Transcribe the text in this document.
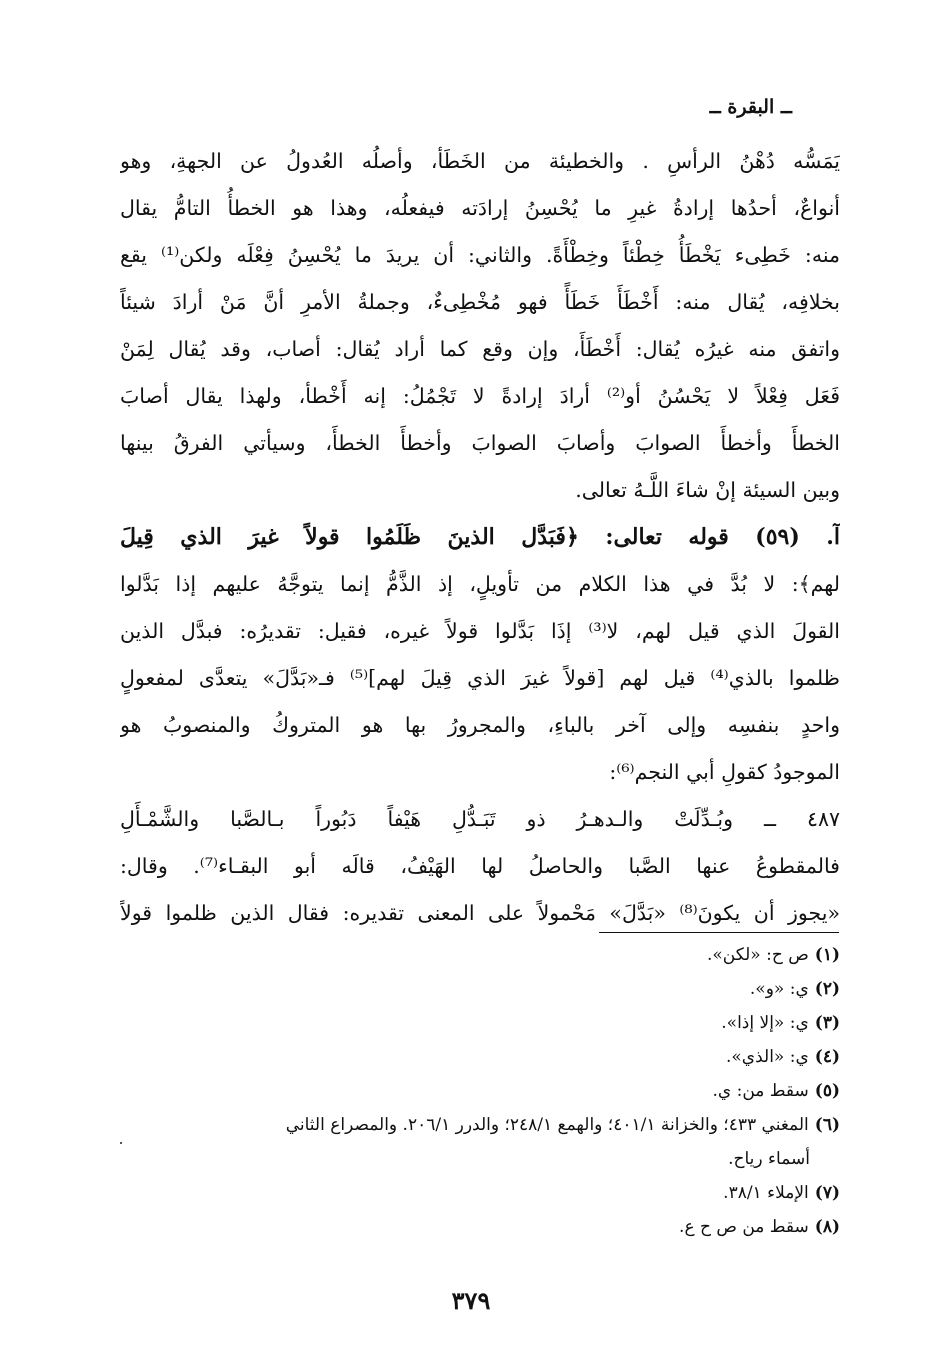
ــ البقرة ــ
يَمَسُّه دُهْنُ الرأسِ . والخطيئة من الخَطَأ، وأصلُه العُدولُ عن الجهةِ، وهو
أنواعٌ، أحدُها إرادةُ غيرِ ما يُحْسِنُ إرادَته فيفعلُه، وهذا هو الخطأُ التامُّ يقال
منه: خَطِىء يَخْطَأُ خِطْئاً وخِطْأَةً. والثاني: أن يريدَ ما يُحْسِنُ فِعْلَه ولكن⁽¹⁾ يقع
بخلافِه، يُقال منه: أَخْطَأَ خَطَأً فهو مُخْطِىءٌ، وجملةُ الأمرِ أنَّ مَنْ أرادَ شيئاً
واتفق منه غيرُه يُقال: أَخْطَأَ، وإن وقع كما أراد يُقال: أصاب، وقد يُقال لِمَنْ
فَعَل فِعْلاً لا يَحْسُنُ أو⁽²⁾ أرادَ إرادةً لا تَجْمُلُ: إنه أَخْطأ، ولهذا يقال أصابَ
الخطأَ وأخطأَ الصوابَ وأصابَ الصوابَ وأخطأَ الخطأَ، وسيأتي الفرقُ بينها
وبين السيئة إنْ شاءَ اللَّـهُ تعالى.
آ. (٥٩) قوله تعالى: ﴿فَبَدَّل الذينَ ظَلَمُوا قولاً غيرَ الذي قِيلَ
لهم﴾: لا بُدَّ في هذا الكلام من تأويلٍ، إذ الذَّمُّ إنما يتوجَّهُ عليهم إذا بَدَّلوا
القولَ الذي قيل لهم، لا⁽³⁾ إذَا بَدَّلوا قولاً غيره، فقيل: تقديرُه: فبدَّل الذين
ظلموا بالذي⁽⁴⁾ قيل لهم [قولاً غيرَ الذي قِيلَ لهم]⁽⁵⁾ فـ«بَدَّلَ» يتعدَّى لمفعولٍ
واحدٍ بنفسِه وإلى آخر بالباءِ، والمجرورُ بها هو المتروكُ والمنصوبُ هو
الموجودُ كقولِ أبي النجم⁽⁶⁾:
٤٨٧ ــ وبُـدِّلَتْ والـدهـرُ ذو تَبَـدُّلِ هَيْفاً دَبُوراً بـالصَّبا والشَّمْـأَلِ
فالمقطوعُ عنها الصَّبا والحاصلُ لها الهَيْفُ، قالَه أبو البقـاء⁽⁷⁾. وقال:
«يجوز أن يكونَ⁽⁸⁾ «بَدَّلَ» مَحْمولاً على المعنى تقديره: فقال الذين ظلموا قولاً
(١)ص ح: «لكن».
(٢)ي: «و».
(٣)ي: «إلا إذا».
(٤)ي: «الذي».
(٥)سقط من: ي.
(٦)المغني ٤٣٣؛ والخزانة ٤٠١/١؛ والهمع ٢٤٨/١؛ والدرر ٢٠٦/١. والمصراع الثاني
أسماء رياح.
(٧)الإملاء ٣٨/١.
(٨)سقط من ص ح ع.
٣٧٩
